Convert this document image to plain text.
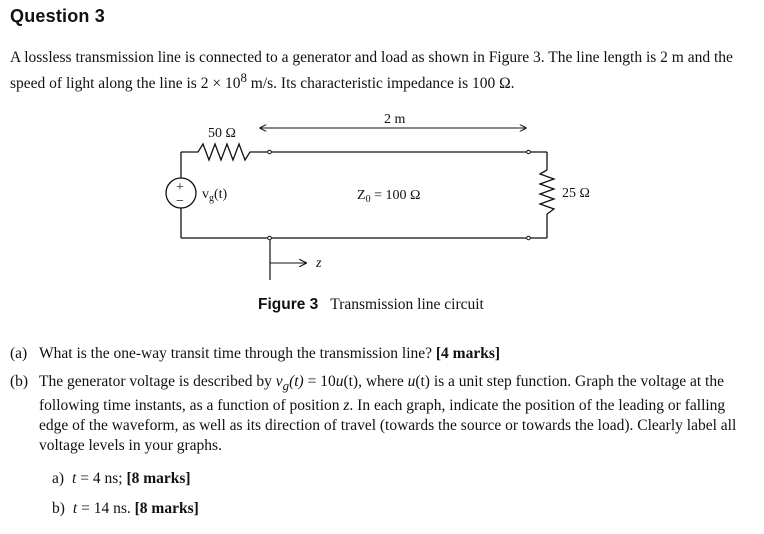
Question 3

A lossless transmission line is connected to a generator and load as shown in Figure 3. The line length is 2 m and the speed of light along the line is $2 \times 10^8$ m/s. Its characteristic impedance is 100 Ω.

2 m
50 Ω
+
− $v_g(t)$	$Z_0 = 100$ Ω	25 Ω
z
Figure 3 Transmission line circuit
(a) What is the one-way transit time through the transmission line? [4 marks]
(b) The generator voltage is described by $v_g(t) = 10u(t)$, where u(t) is a unit step function. Graph the voltage at the following time instants, as a function of position z. In each graph, indicate the position of the leading or falling edge of the waveform, as well as its direction of travel (towards the source or towards the load). Clearly label all voltage levels in your graphs.
a) t = 4 ns; [8 marks]
b) t = 14 ns. [8 marks]
